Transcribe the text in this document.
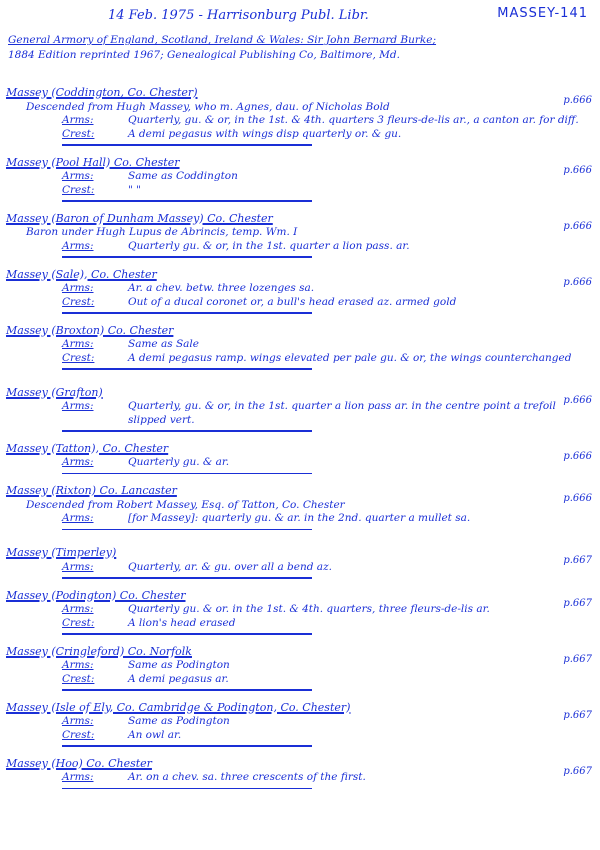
14 Feb. 1975 - Harrisonburg Publ. Libr.	MASSEY-141
General Armory of England, Scotland, Ireland & Wales: Sir John Bernard Burke;
1884 Edition reprinted 1967; Genealogical Publishing Co, Baltimore, Md.
Massey (Coddington, Co. Chester)
p.666
Descended from Hugh Massey, who m. Agnes, dau. of Nicholas Bold
Arms:	Quarterly, gu. & or, in the 1st. & 4th. quarters 3 fleurs-de-lis ar., a canton ar. for diff.
Crest:	A demi pegasus with wings disp quarterly or. & gu.
Massey (Pool Hall) Co. Chester
p.666
Arms:	Same as Coddington
Crest:	" "
Massey (Baron of Dunham Massey) Co. Chester
p.666
Baron under Hugh Lupus de Abrincis, temp. Wm. I
Arms:	Quarterly gu. & or, in the 1st. quarter a lion pass. ar.
Massey (Sale), Co. Chester
p.666
Arms:	Ar. a chev. betw. three lozenges sa.
Crest:	Out of a ducal coronet or, a bull's head erased az. armed gold
Massey (Broxton) Co. Chester
Arms:	Same as Sale
Crest:	A demi pegasus ramp. wings elevated per pale gu. & or, the wings counterchanged
Massey (Grafton)
p.666
Arms:	Quarterly, gu. & or, in the 1st. quarter a lion pass ar. in the centre point a trefoil slipped vert.
Massey (Tatton), Co. Chester
p.666
Arms:	Quarterly gu. & ar.
Massey (Rixton) Co. Lancaster
p.666
Descended from Robert Massey, Esq. of Tatton, Co. Chester
Arms:	[for Massey]: quarterly gu. & ar. in the 2nd. quarter a mullet sa.
Massey (Timperley)
p.667
Arms:	Quarterly, ar. & gu. over all a bend az.
Massey (Podington) Co. Chester
p.667
Arms:	Quarterly gu. & or. in the 1st. & 4th. quarters, three fleurs-de-lis ar.
Crest:	A lion's head erased
Massey (Cringleford) Co. Norfolk
p.667
Arms:	Same as Podington
Crest:	A demi pegasus ar.
Massey (Isle of Ely, Co. Cambridge & Podington, Co. Chester)
p.667
Arms:	Same as Podington
Crest:	An owl ar.
Massey (Hoo) Co. Chester
p.667
Arms:	Ar. on a chev. sa. three crescents of the first.
